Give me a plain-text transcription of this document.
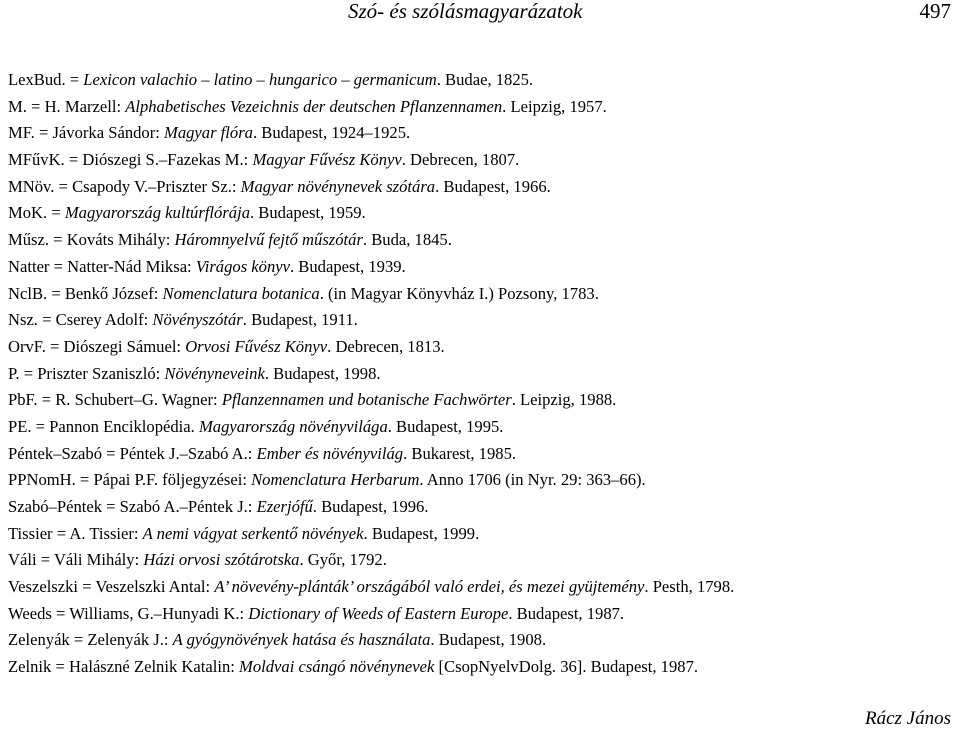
Szó- és szólásmagyarázatok	497
LexBud. = Lexicon valachio – latino – hungarico – germanicum. Budae, 1825.
M. = H. Marzell: Alphabetisches Vezeichnis der deutschen Pflanzennamen. Leipzig, 1957.
MF. = Jávorka Sándor: Magyar flóra. Budapest, 1924–1925.
MFűvK. = Diószegi S.–Fazekas M.: Magyar Fűvész Könyv. Debrecen, 1807.
MNöv. = Csapody V.–Priszter Sz.: Magyar növénynevek szótára. Budapest, 1966.
MoK. = Magyarország kultúrflórája. Budapest, 1959.
Műsz. = Kováts Mihály: Háromnyelvű fejtő műszótár. Buda, 1845.
Natter = Natter-Nád Miksa: Virágos könyv. Budapest, 1939.
NclB. = Benkő József: Nomenclatura botanica. (in Magyar Könyvház I.) Pozsony, 1783.
Nsz. = Cserey Adolf: Növényszótár. Budapest, 1911.
OrvF. = Diószegi Sámuel: Orvosi Fűvész Könyv. Debrecen, 1813.
P. = Priszter Szaniszló: Növényneveink. Budapest, 1998.
PbF. = R. Schubert–G. Wagner: Pflanzennamen und botanische Fachwörter. Leipzig, 1988.
PE. = Pannon Enciklopédia. Magyarország növényvilága. Budapest, 1995.
Péntek–Szabó = Péntek J.–Szabó A.: Ember és növényvilág. Bukarest, 1985.
PPNomH. = Pápai P.F. följegyzései: Nomenclatura Herbarum. Anno 1706 (in Nyr. 29: 363–66).
Szabó–Péntek = Szabó A.–Péntek J.: Ezerjófű. Budapest, 1996.
Tissier = A. Tissier: A nemi vágyat serkentő növények. Budapest, 1999.
Váli = Váli Mihály: Házi orvosi szótárotska. Győr, 1792.
Veszelszki = Veszelszki Antal: A’ növevény-plánták’ országából való erdei, és mezei gyüjtemény. Pesth, 1798.
Weeds = Williams, G.–Hunyadi K.: Dictionary of Weeds of Eastern Europe. Budapest, 1987.
Zelenyák = Zelenyák J.: A gyógynövények hatása és használata. Budapest, 1908.
Zelnik = Halászné Zelnik Katalin: Moldvai csángó növénynevek [CsopNyelvDolg. 36]. Budapest, 1987.
Rácz János
